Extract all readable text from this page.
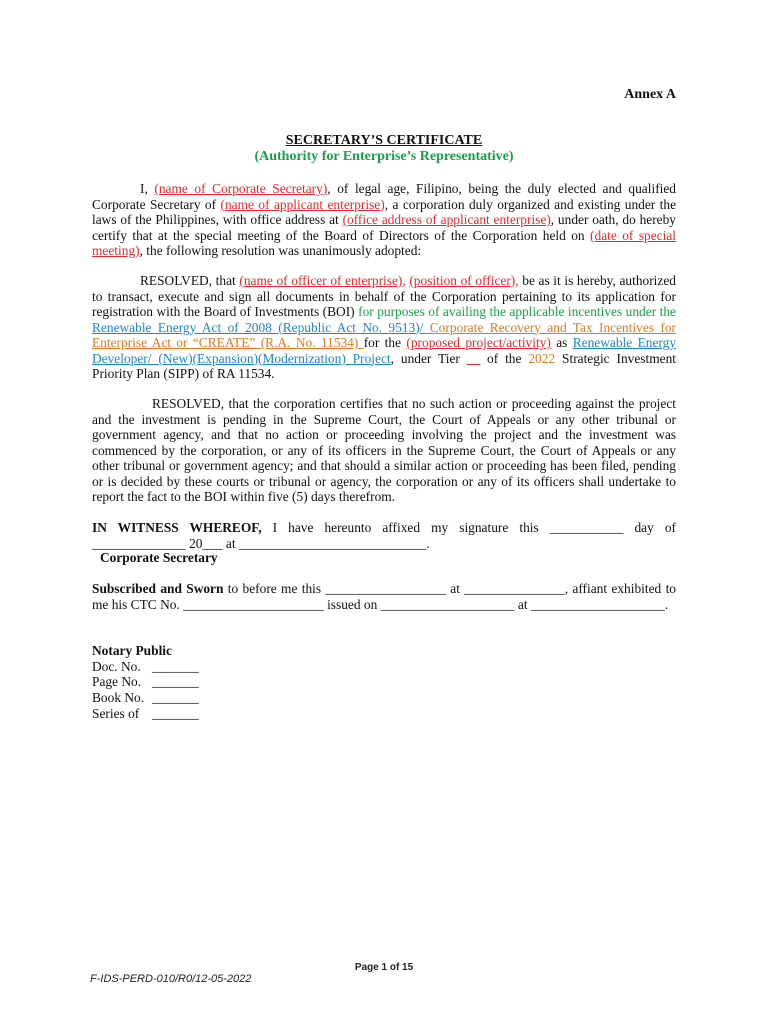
Annex A
SECRETARY’S CERTIFICATE
(Authority for Enterprise’s Representative)
I, (name of Corporate Secretary), of legal age, Filipino, being the duly elected and qualified Corporate Secretary of (name of applicant enterprise), a corporation duly organized and existing under the laws of the Philippines, with office address at (office address of applicant enterprise), under oath, do hereby certify that at the special meeting of the Board of Directors of the Corporation held on (date of special meeting), the following resolution was unanimously adopted:
RESOLVED, that (name of officer of enterprise), (position of officer), be as it is hereby, authorized to transact, execute and sign all documents in behalf of the Corporation pertaining to its application for registration with the Board of Investments (BOI) for purposes of availing the applicable incentives under the Renewable Energy Act of 2008 (Republic Act No. 9513)/ Corporate Recovery and Tax Incentives for Enterprise Act or “CREATE” (R.A. No. 11534) for the (proposed project/activity) as Renewable Energy Developer/ (New)(Expansion)(Modernization) Project, under Tier __ of the 2022 Strategic Investment Priority Plan (SIPP) of RA 11534.
RESOLVED, that the corporation certifies that no such action or proceeding against the project and the investment is pending in the Supreme Court, the Court of Appeals or any other tribunal or government agency, and that no action or proceeding involving the project and the investment was commenced by the corporation, or any of its officers in the Supreme Court, the Court of Appeals or any other tribunal or government agency; and that should a similar action or proceeding has been filed, pending or is decided by these courts or tribunal or agency, the corporation or any of its officers shall undertake to report the fact to the BOI within five (5) days therefrom.
IN WITNESS WHEREOF, I have hereunto affixed my signature this ___________ day of ______________ 20___ at ____________________________.
Corporate Secretary
Subscribed and Sworn to before me this __________________ at _______________, affiant exhibited to me his CTC No. _____________________ issued on ____________________ at ____________________.
Notary Public
Doc. No. _______
Page No. _______
Book No. _______
Series of _______
Page 1 of 15
F-IDS-PERD-010/R0/12-05-2022
